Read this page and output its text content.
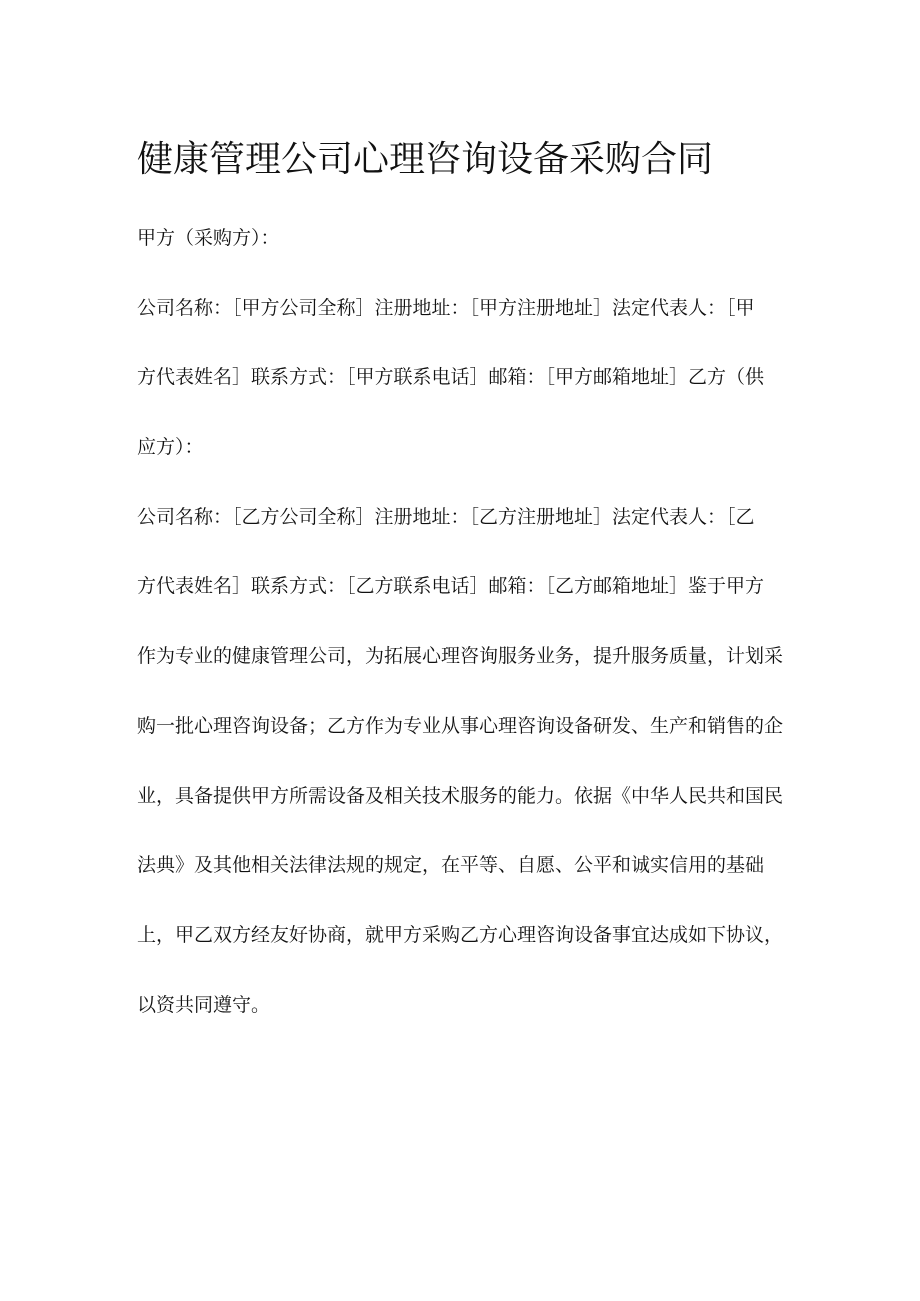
健康管理公司心理咨询设备采购合同

甲方（采购方）：

公司名称：［甲方公司全称］注册地址：［甲方注册地址］法定代表人：［甲

方代表姓名］联系方式：［甲方联系电话］邮箱：［甲方邮箱地址］乙方（供

应方）：

公司名称：［乙方公司全称］注册地址：［乙方注册地址］法定代表人：［乙

方代表姓名］联系方式：［乙方联系电话］邮箱：［乙方邮箱地址］鉴于甲方

作为专业的健康管理公司，为拓展心理咨询服务业务，提升服务质量，计划采

购一批心理咨询设备；乙方作为专业从事心理咨询设备研发、生产和销售的企

业，具备提供甲方所需设备及相关技术服务的能力。依据《中华人民共和国民

法典》及其他相关法律法规的规定，在平等、自愿、公平和诚实信用的基础

上，甲乙双方经友好协商，就甲方采购乙方心理咨询设备事宜达成如下协议，

以资共同遵守。
